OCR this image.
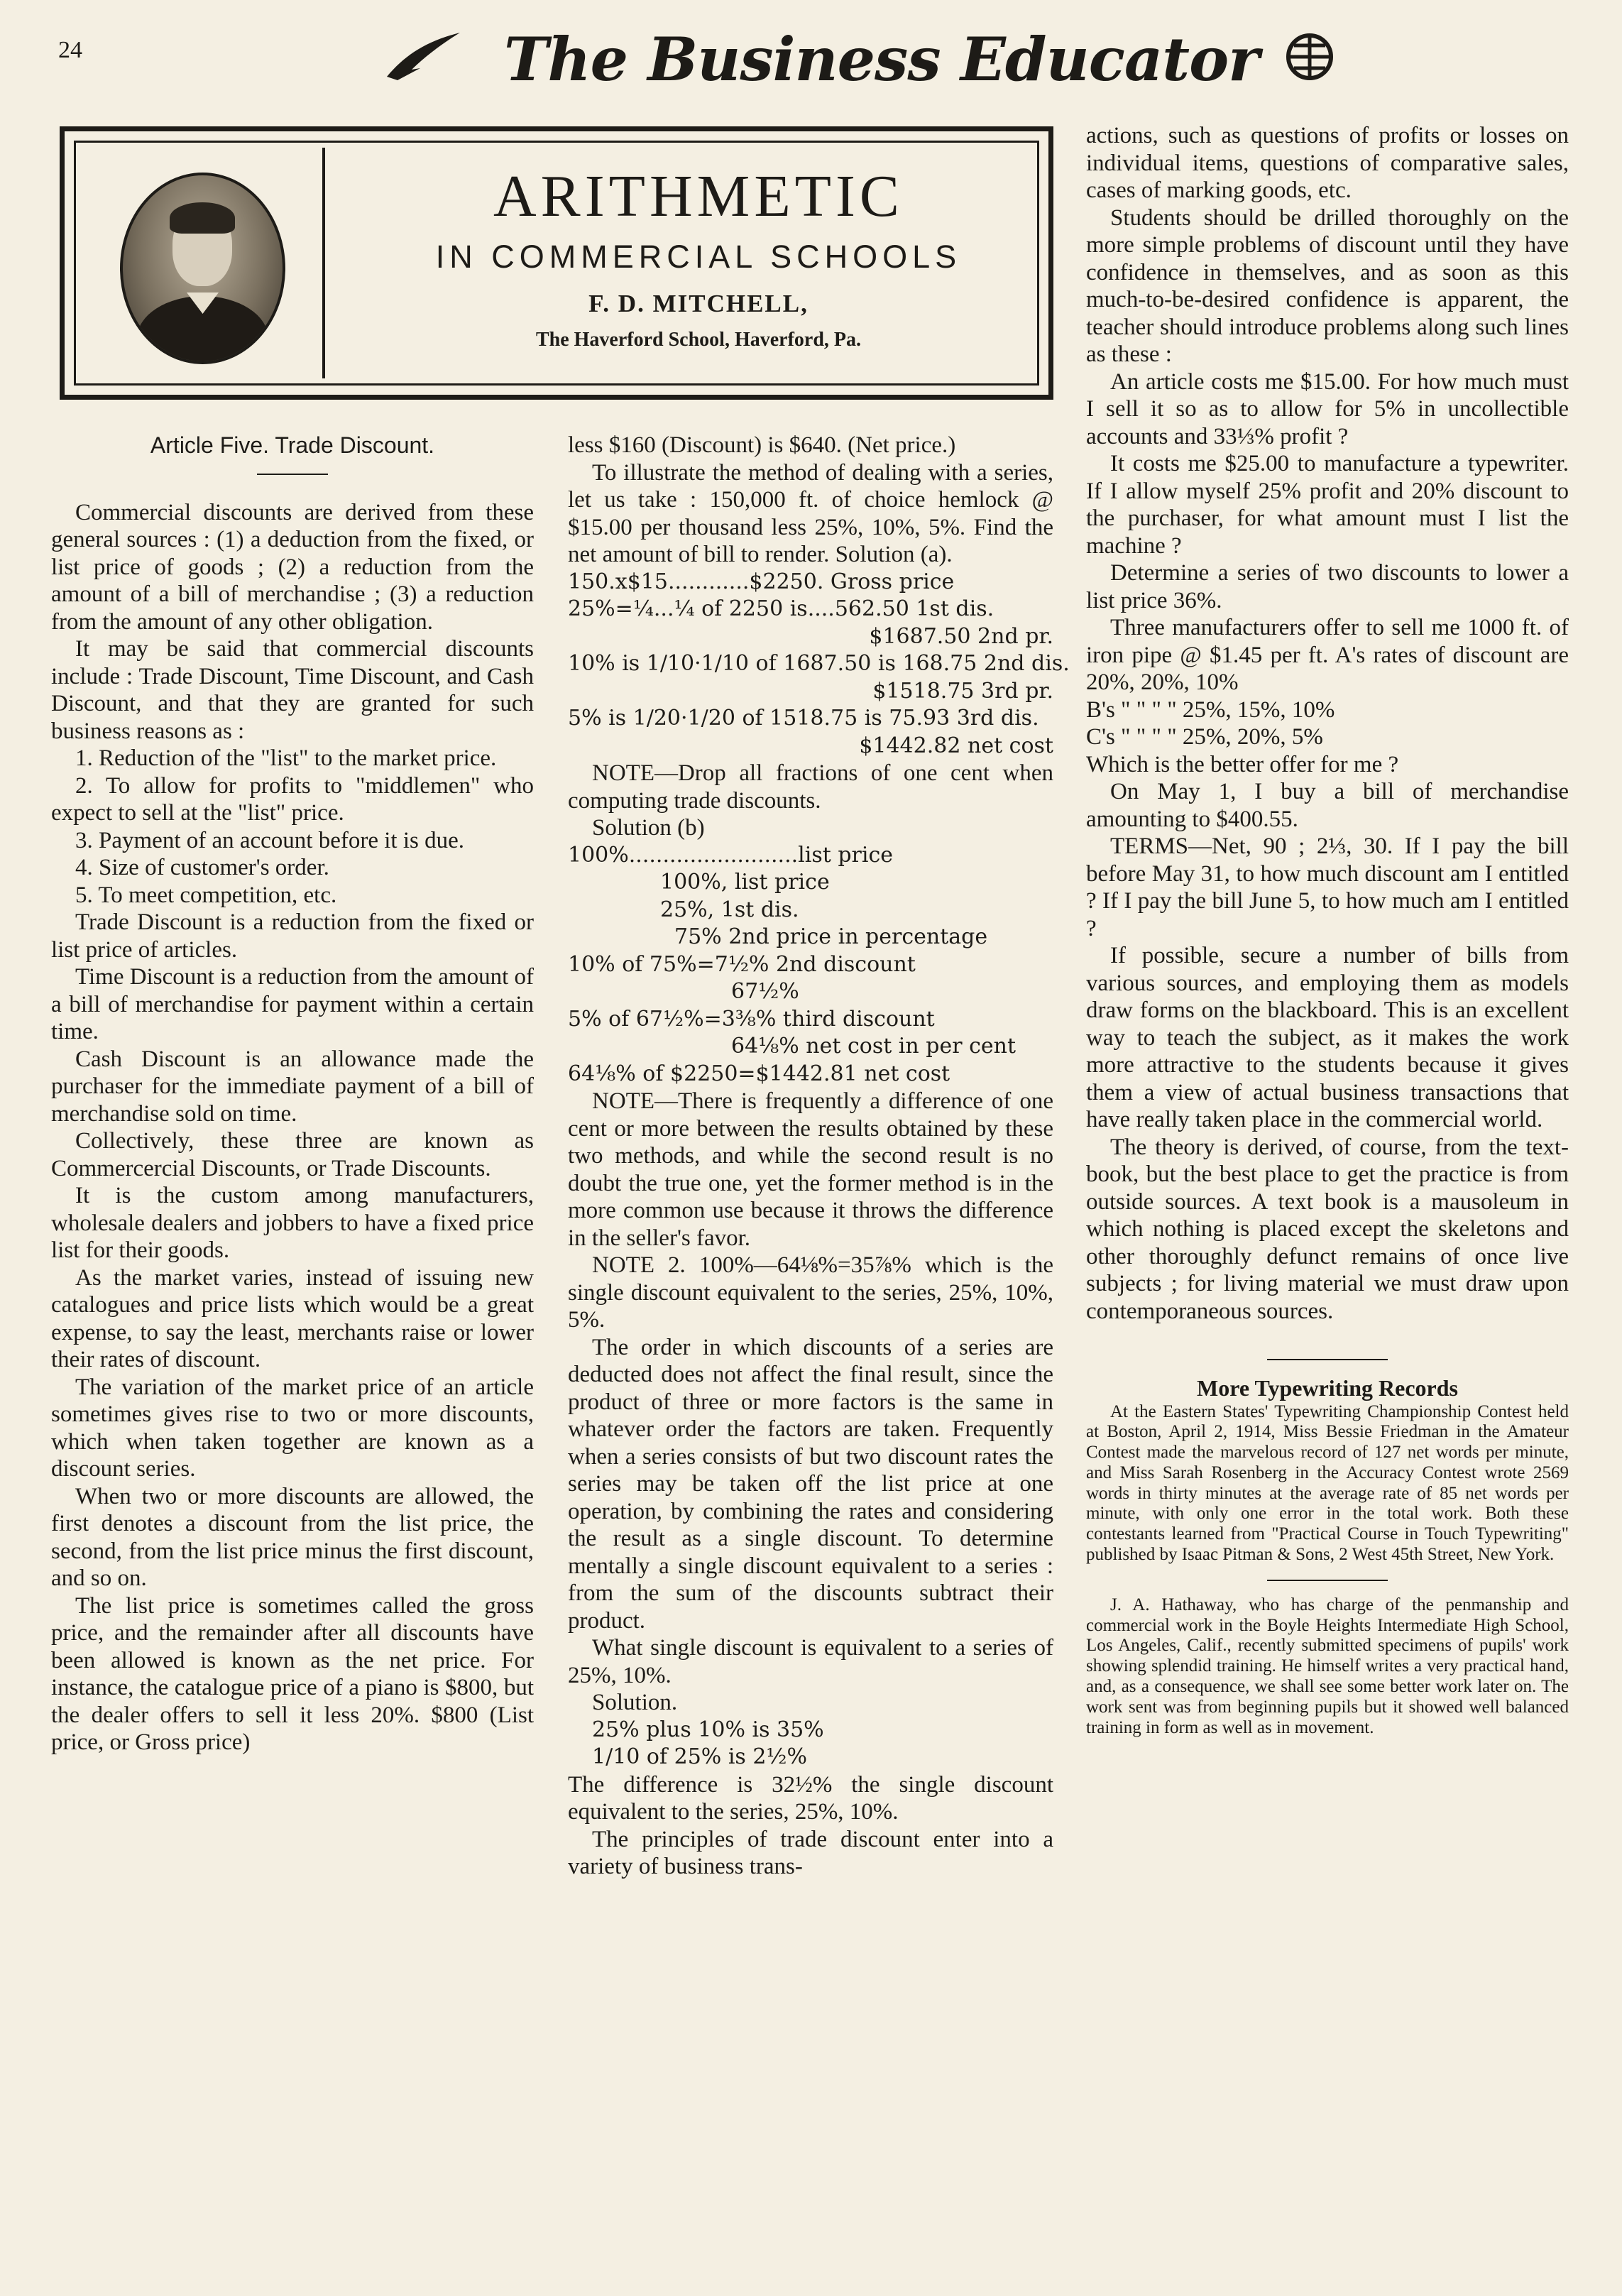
24	The Business Educator
ARITHMETIC
IN COMMERCIAL SCHOOLS
F. D. MITCHELL,
The Haverford School, Haverford, Pa.

Article Five. Trade Discount.

Commercial discounts are derived from these general sources : (1) a deduction from the fixed, or list price of goods ; (2) a reduction from the amount of a bill of merchandise ; (3) a reduction from the amount of any other obligation.

It may be said that commercial discounts include : Trade Discount, Time Discount, and Cash Discount, and that they are granted for such business reasons as :

1. Reduction of the "list" to the market price.

2. To allow for profits to "middlemen" who expect to sell at the "list" price.

3. Payment of an account before it is due.

4. Size of customer's order.

5. To meet competition, etc.

Trade Discount is a reduction from the fixed or list price of articles.

Time Discount is a reduction from the amount of a bill of merchandise for payment within a certain time.

Cash Discount is an allowance made the purchaser for the immediate payment of a bill of merchandise sold on time.

Collectively, these three are known as Commercercial Discounts, or Trade Discounts.

It is the custom among manufacturers, wholesale dealers and jobbers to have a fixed price list for their goods.

As the market varies, instead of issuing new catalogues and price lists which would be a great expense, to say the least, merchants raise or lower their rates of discount.

The variation of the market price of an article sometimes gives rise to two or more discounts, which when taken together are known as a discount series.

When two or more discounts are allowed, the first denotes a discount from the list price, the second, from the list price minus the first discount, and so on.

The list price is sometimes called the gross price, and the remainder after all discounts have been allowed is known as the net price. For instance, the catalogue price of a piano is $800, but the dealer offers to sell it less 20%. $800 (List price, or Gross price)

less $160 (Discount) is $640. (Net price.)

To illustrate the method of dealing with a series, let us take : 150,000 ft. of choice hemlock @ $15.00 per thousand less 25%, 10%, 5%. Find the net amount of bill to render. Solution (a).

150.x$15............$2250. Gross price

25%=¼...¼ of 2250 is....562.50 1st dis.

$1687.50 2nd pr.

10% is 1/10·1/10 of 1687.50 is 168.75 2nd dis.

$1518.75 3rd pr.

5% is 1/20·1/20 of 1518.75 is 75.93 3rd dis.

$1442.82 net cost

NOTE—Drop all fractions of one cent when computing trade discounts.

Solution (b)

100%.........................list price

100%, list price

25%, 1st dis.

75% 2nd price in percentage

10% of 75%=7½% 2nd discount

67½%

5% of 67½%=3⅜% third discount

64⅛% net cost in per cent

64⅛% of $2250=$1442.81 net cost

NOTE—There is frequently a difference of one cent or more between the results obtained by these two methods, and while the second result is no doubt the true one, yet the former method is in the more common use because it throws the difference in the seller's favor.

NOTE 2. 100%—64⅛%=35⅞% which is the single discount equivalent to the series, 25%, 10%, 5%.

The order in which discounts of a series are deducted does not affect the final result, since the product of three or more factors is the same in whatever order the factors are taken. Frequently when a series consists of but two discount rates the series may be taken off the list price at one operation, by combining the rates and considering the result as a single discount. To determine mentally a single discount equivalent to a series : from the sum of the discounts subtract their product.

What single discount is equivalent to a series of 25%, 10%.

Solution.

25% plus 10% is 35%

1/10 of 25% is 2½%

The difference is 32½% the single discount equivalent to the series, 25%, 10%.

The principles of trade discount enter into a variety of business trans-

actions, such as questions of profits or losses on individual items, questions of comparative sales, cases of marking goods, etc.

Students should be drilled thoroughly on the more simple problems of discount until they have confidence in themselves, and as soon as this much-to-be-desired confidence is apparent, the teacher should introduce problems along such lines as these :

An article costs me $15.00. For how much must I sell it so as to allow for 5% in uncollectible accounts and 33⅓% profit ?

It costs me $25.00 to manufacture a typewriter. If I allow myself 25% profit and 20% discount to the purchaser, for what amount must I list the machine ?

Determine a series of two discounts to lower a list price 36%.

Three manufacturers offer to sell me 1000 ft. of iron pipe @ $1.45 per ft. A's rates of discount are 20%, 20%, 10%

B's " " " " 25%, 15%, 10%

C's " " " " 25%, 20%, 5%

Which is the better offer for me ?

On May 1, I buy a bill of merchandise amounting to $400.55.

TERMS—Net, 90 ; 2⅓, 30. If I pay the bill before May 31, to how much discount am I entitled ? If I pay the bill June 5, to how much am I entitled ?

If possible, secure a number of bills from various sources, and employing them as models draw forms on the blackboard. This is an excellent way to teach the subject, as it makes the work more attractive to the students because it gives them a view of actual business transactions that have really taken place in the commercial world.

The theory is derived, of course, from the text-book, but the best place to get the practice is from outside sources. A text book is a mausoleum in which nothing is placed except the skeletons and other thoroughly defunct remains of once live subjects ; for living material we must draw upon contemporaneous sources.

More Typewriting Records

At the Eastern States' Typewriting Championship Contest held at Boston, April 2, 1914, Miss Bessie Friedman in the Amateur Contest made the marvelous record of 127 net words per minute, and Miss Sarah Rosenberg in the Accuracy Contest wrote 2569 words in thirty minutes at the average rate of 85 net words per minute, with only one error in the total work. Both these contestants learned from "Practical Course in Touch Typewriting" published by Isaac Pitman & Sons, 2 West 45th Street, New York.

J. A. Hathaway, who has charge of the penmanship and commercial work in the Boyle Heights Intermediate High School, Los Angeles, Calif., recently submitted specimens of pupils' work showing splendid training. He himself writes a very practical hand, and, as a consequence, we shall see some better work later on. The work sent was from beginning pupils but it showed well balanced training in form as well as in movement.
